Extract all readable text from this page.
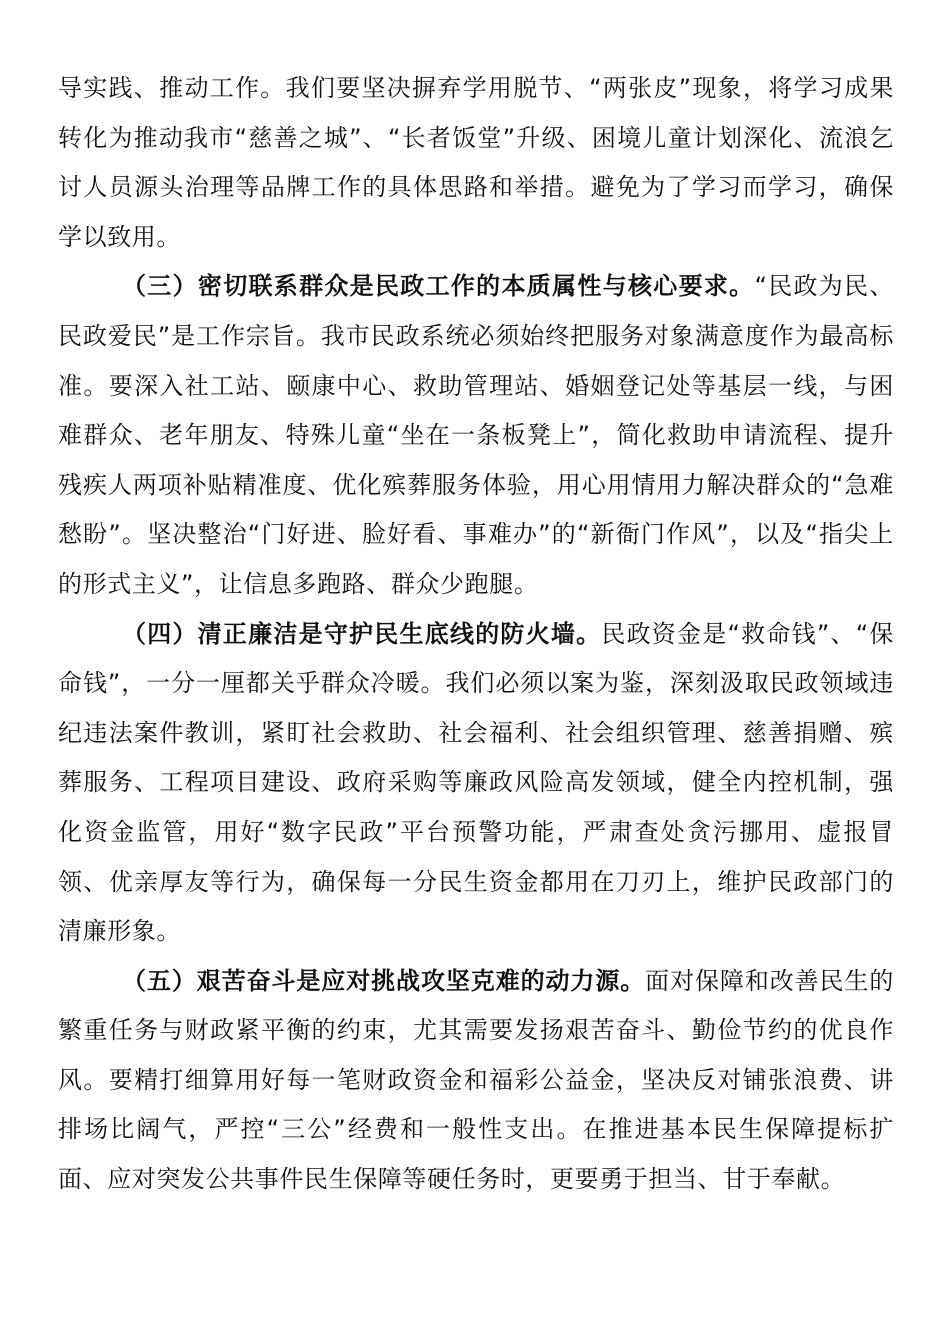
导实践、推动工作。我们要坚决摒弃学用脱节、“两张皮”现象，将学习成果转化为推动我市“慈善之城”、“长者饭堂”升级、困境儿童计划深化、流浪乞讨人员源头治理等品牌工作的具体思路和举措。避免为了学习而学习，确保学以致用。

（三）密切联系群众是民政工作的本质属性与核心要求。“民政为民、民政爱民”是工作宗旨。我市民政系统必须始终把服务对象满意度作为最高标准。要深入社工站、颐康中心、救助管理站、婚姻登记处等基层一线，与困难群众、老年朋友、特殊儿童“坐在一条板凳上”，简化救助申请流程、提升残疾人两项补贴精准度、优化殡葬服务体验，用心用情用力解决群众的“急难愁盼”。坚决整治“门好进、脸好看、事难办”的“新衙门作风”，以及“指尖上的形式主义”，让信息多跑路、群众少跑腿。

（四）清正廉洁是守护民生底线的防火墙。民政资金是“救命钱”、“保命钱”，一分一厘都关乎群众冷暖。我们必须以案为鉴，深刻汲取民政领域违纪违法案件教训，紧盯社会救助、社会福利、社会组织管理、慈善捐赠、殡葬服务、工程项目建设、政府采购等廉政风险高发领域，健全内控机制，强化资金监管，用好“数字民政”平台预警功能，严肃查处贪污挪用、虚报冒领、优亲厚友等行为，确保每一分民生资金都用在刀刃上，维护民政部门的清廉形象。

（五）艰苦奋斗是应对挑战攻坚克难的动力源。面对保障和改善民生的繁重任务与财政紧平衡的约束，尤其需要发扬艰苦奋斗、勤俭节约的优良作风。要精打细算用好每一笔财政资金和福彩公益金，坚决反对铺张浪费、讲排场比阔气，严控“三公”经费和一般性支出。在推进基本民生保障提标扩面、应对突发公共事件民生保障等硬任务时，更要勇于担当、甘于奉献。
